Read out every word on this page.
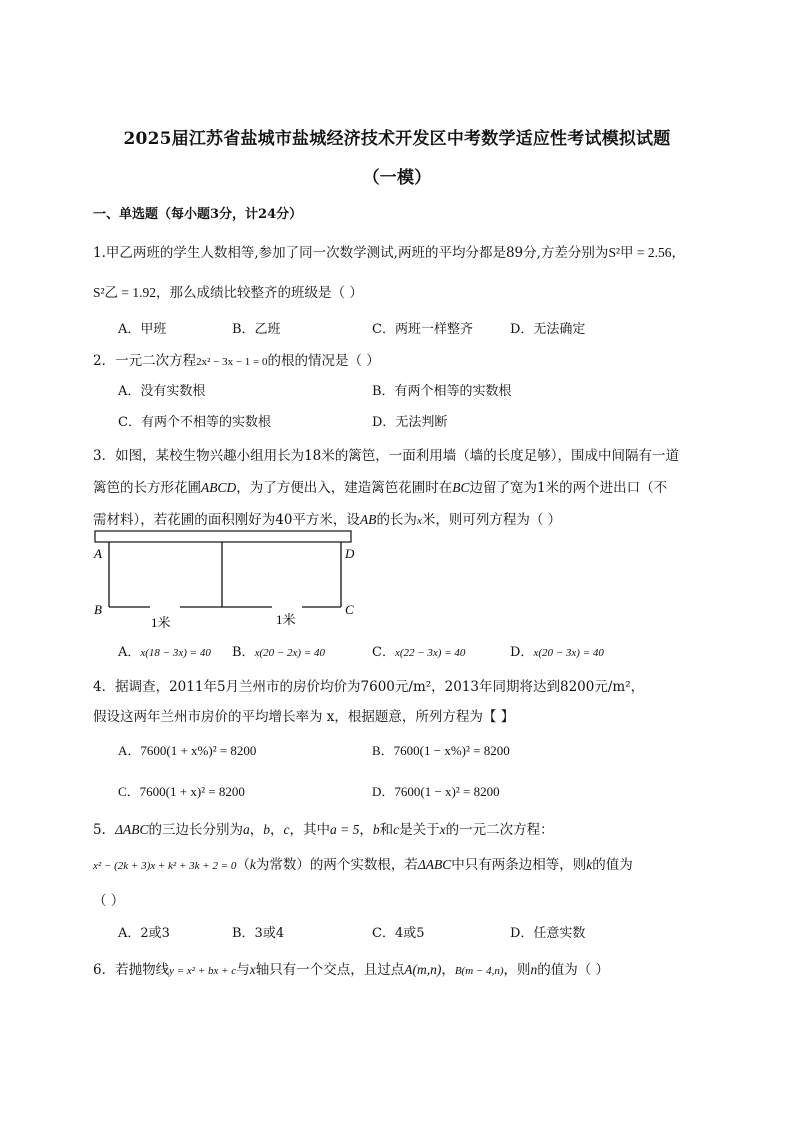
2025届江苏省盐城市盐城经济技术开发区中考数学适应性考试模拟试题
（一模）
一、单选题（每小题3分，计24分）
1.甲乙两班的学生人数相等,参加了同一次数学测试,两班的平均分都是89分,方差分别为S²甲 = 2.56，
S²乙 = 1.92，那么成绩比较整齐的班级是（ ）
A．甲班	B．乙班	C．两班一样整齐	D．无法确定
2．一元二次方程2x² − 3x − 1 = 0的根的情况是（ ）
A．没有实数根	B．有两个相等的实数根
C．有两个不相等的实数根	D．无法判断
3．如图，某校生物兴趣小组用长为18米的篱笆，一面利用墙（墙的长度足够），围成中间隔有一道
篱笆的长方形花圃ABCD，为了方便出入，建造篱笆花圃时在BC边留了宽为1米的两个进出口（不
需材料），若花圃的面积刚好为40平方米，设AB的长为x米，则可列方程为（ ）
A	D
B	C
1米	1米
A．x(18 − 3x) = 40 B．x(20 − 2x) = 40	C．x(22 − 3x) = 40	D．x(20 − 3x) = 40
4．据调查，2011年5月兰州市的房价均价为7600元/m²，2013年同期将达到8200元/m²，
假设这两年兰州市房价的平均增长率为 x，根据题意，所列方程为【 】
A．7600(1 + x%)² = 8200	B．7600(1 − x%)² = 8200
C．7600(1 + x)² = 8200	D．7600(1 − x)² = 8200
5．ΔABC的三边长分别为a，b，c，其中a = 5，b和c是关于x的一元二次方程：
x² − (2k + 3)x + k² + 3k + 2 = 0（k为常数）的两个实数根，若ΔABC中只有两条边相等，则k的值为
（ ）
A．2或3	B．3或4	C．4或5	D．任意实数
6．若抛物线y = x² + bx + c与x轴只有一个交点，且过点A(m,n)，B(m − 4,n)，则n的值为（ ）
